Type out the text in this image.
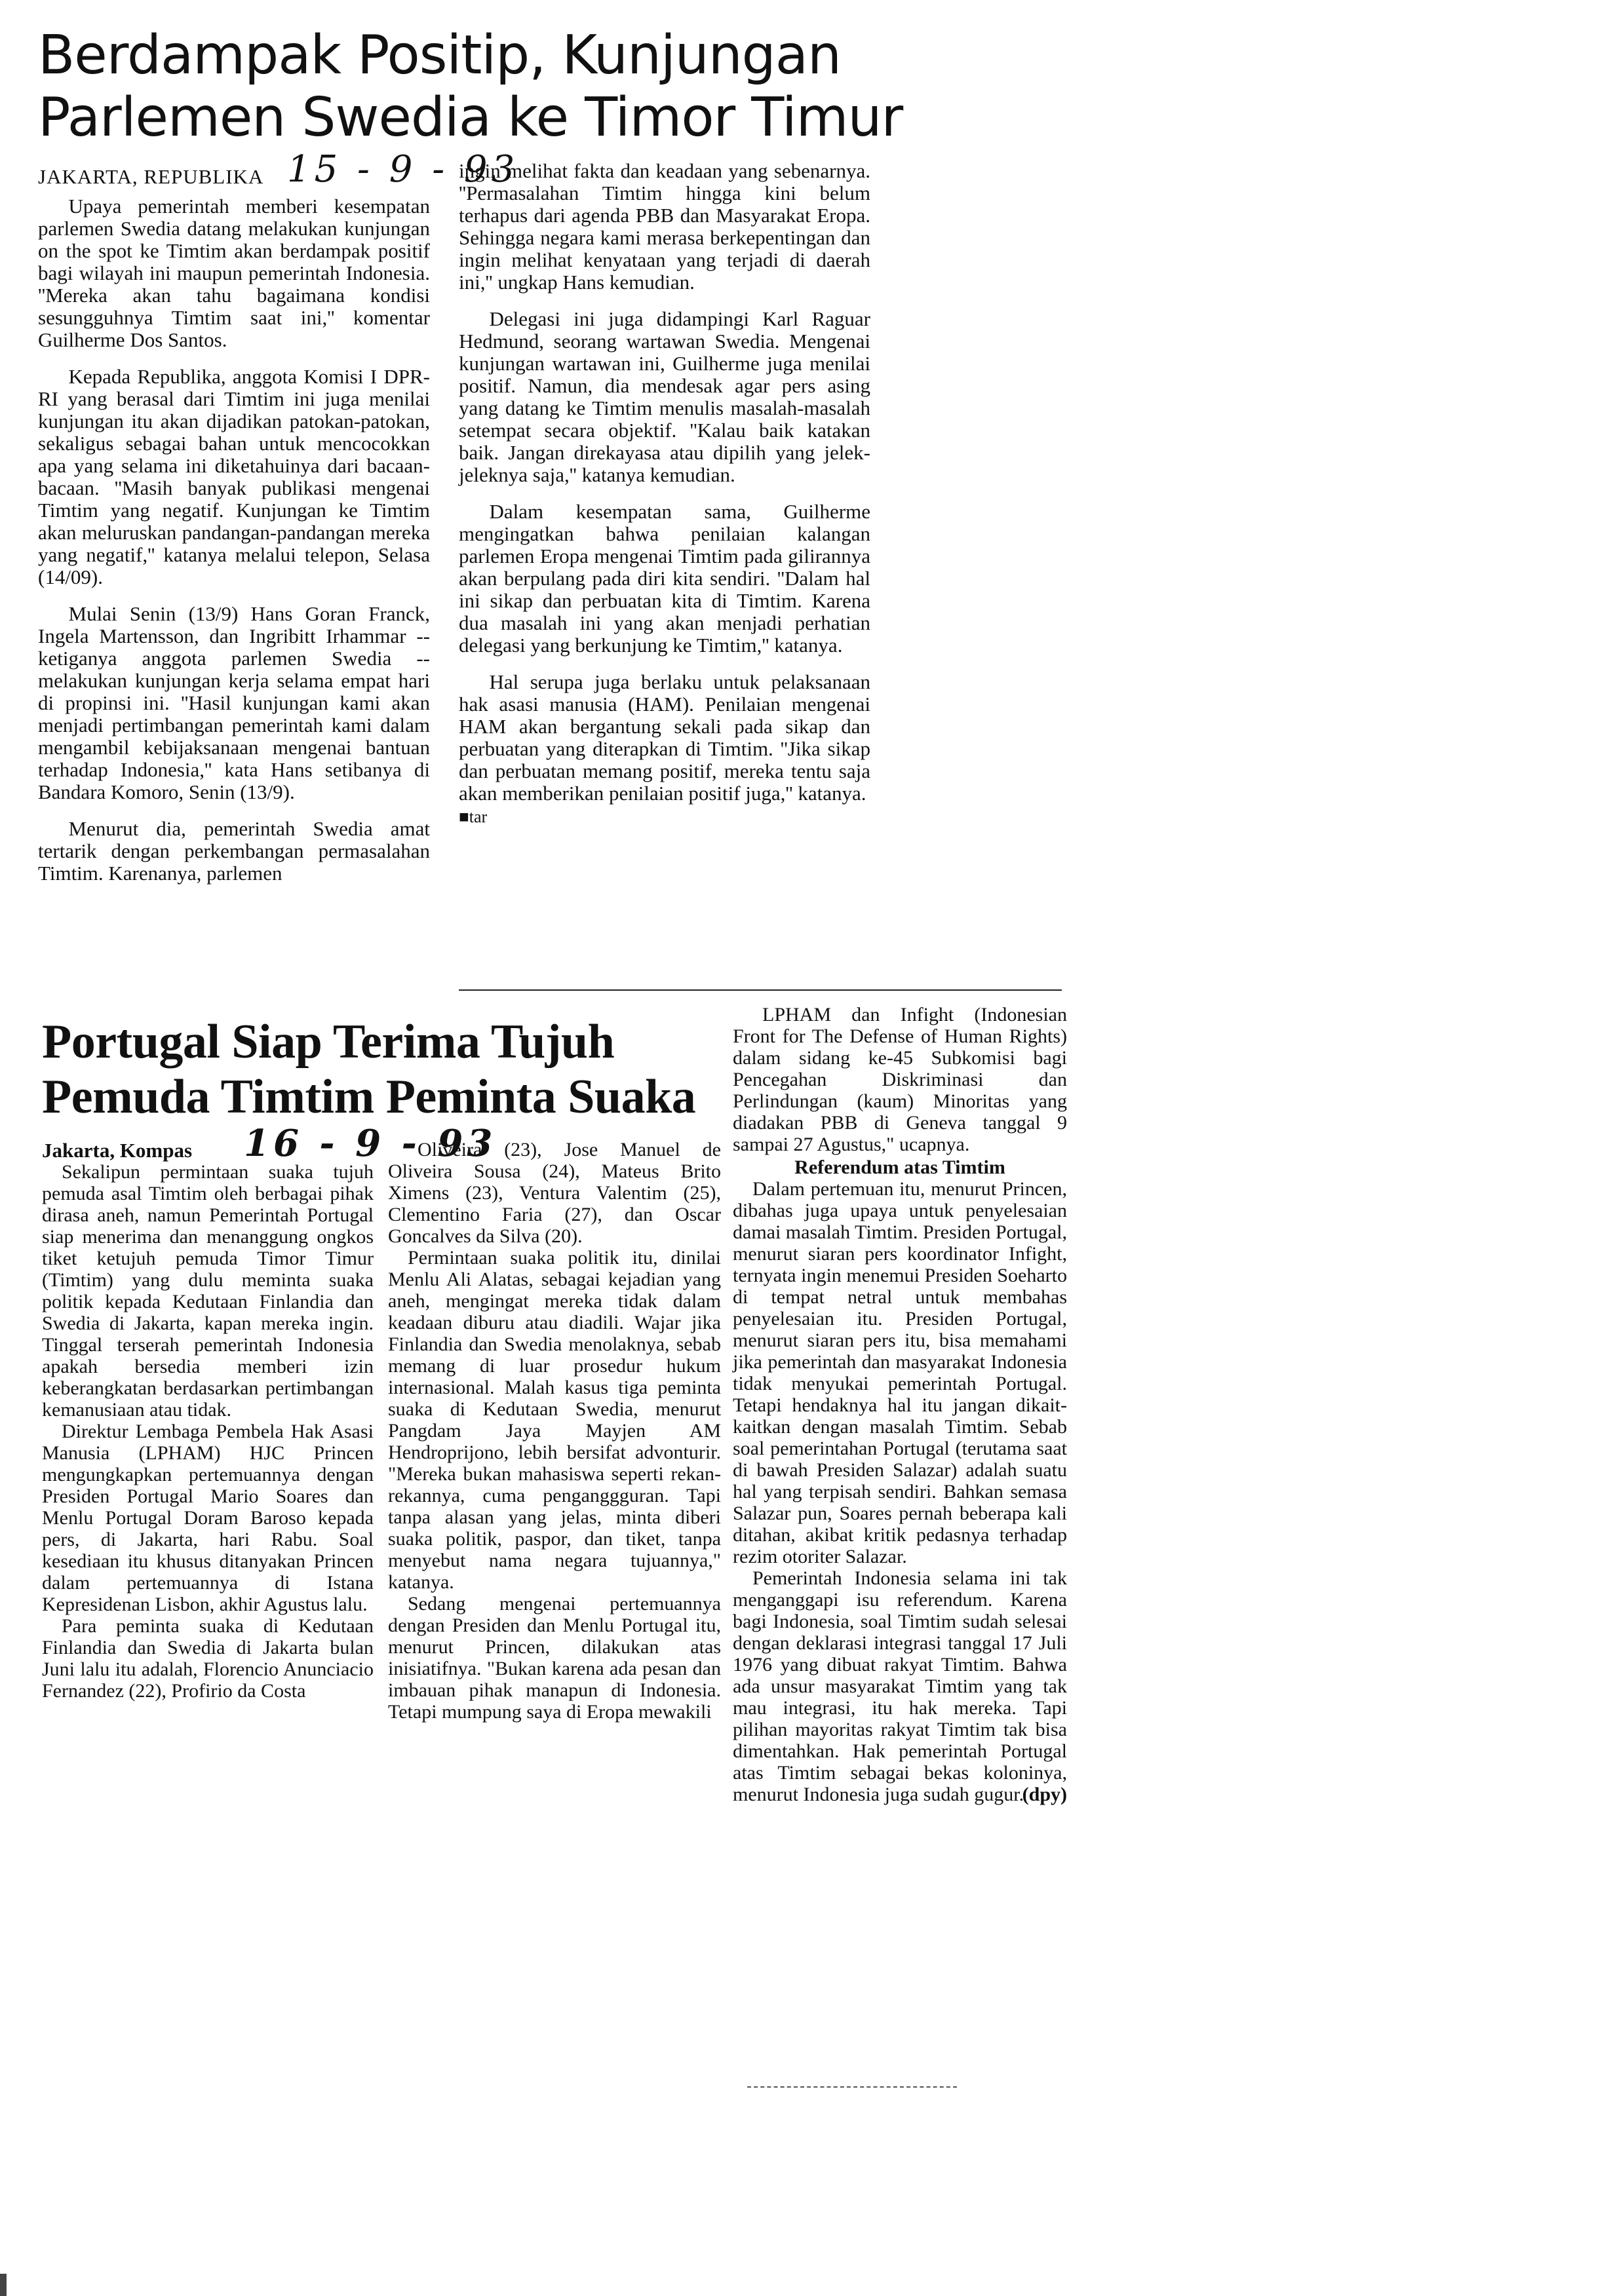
Berdampak Positip, Kunjungan
Parlemen Swedia ke Timor Timur
JAKARTA, REPUBLIKA 15 - 9 - 93

Upaya pemerintah memberi kesempatan parlemen Swedia datang melakukan kunjungan on the spot ke Timtim akan berdampak positif bagi wilayah ini maupun pemerintah Indonesia. ''Mereka akan tahu bagaimana kondisi sesungguhnya Timtim saat ini,'' komentar Guilherme Dos Santos.

Kepada Republika, anggota Komisi I DPR-RI yang berasal dari Timtim ini juga menilai kunjungan itu akan dijadikan patokan-patokan, sekaligus sebagai bahan untuk mencocokkan apa yang selama ini diketahuinya dari bacaan-bacaan. ''Masih banyak publikasi mengenai Timtim yang negatif. Kunjungan ke Timtim akan meluruskan pandangan-pandangan mereka yang negatif,'' katanya melalui telepon, Selasa (14/09).

Mulai Senin (13/9) Hans Goran Franck, Ingela Martensson, dan Ingribitt Irhammar -- ketiganya anggota parlemen Swedia -- melakukan kunjungan kerja selama empat hari di propinsi ini. ''Hasil kunjungan kami akan menjadi pertimbangan pemerintah kami dalam mengambil kebijaksanaan mengenai bantuan terhadap Indonesia,'' kata Hans setibanya di Bandara Komoro, Senin (13/9).

Menurut dia, pemerintah Swedia amat tertarik dengan perkembangan permasalahan Timtim. Karenanya, parlemen

ingin melihat fakta dan keadaan yang sebenarnya. ''Permasalahan Timtim hingga kini belum terhapus dari agenda PBB dan Masyarakat Eropa. Sehingga negara kami merasa berkepentingan dan ingin melihat kenyataan yang terjadi di daerah ini,'' ungkap Hans kemudian.

Delegasi ini juga didampingi Karl Raguar Hedmund, seorang wartawan Swedia. Mengenai kunjungan wartawan ini, Guilherme juga menilai positif. Namun, dia mendesak agar pers asing yang datang ke Timtim menulis masalah-masalah setempat secara objektif. ''Kalau baik katakan baik. Jangan direkayasa atau dipilih yang jelek-jeleknya saja,'' katanya kemudian.

Dalam kesempatan sama, Guilherme mengingatkan bahwa penilaian kalangan parlemen Eropa mengenai Timtim pada gilirannya akan berpulang pada diri kita sendiri. ''Dalam hal ini sikap dan perbuatan kita di Timtim. Karena dua masalah ini yang akan menjadi perhatian delegasi yang berkunjung ke Timtim,'' katanya.

Hal serupa juga berlaku untuk pelaksanaan hak asasi manusia (HAM). Penilaian mengenai HAM akan bergantung sekali pada sikap dan perbuatan yang diterapkan di Timtim. ''Jika sikap dan perbuatan memang positif, mereka tentu saja akan memberikan penilaian positif juga,'' katanya.

■tar
Portugal Siap Terima Tujuh
Pemuda Timtim Peminta Suaka
Jakarta, Kompas 16 - 9 - 93

Sekalipun permintaan suaka tujuh pemuda asal Timtim oleh berbagai pihak dirasa aneh, namun Pemerintah Portugal siap menerima dan menanggung ongkos tiket ketujuh pemuda Timor Timur (Timtim) yang dulu meminta suaka politik kepada Kedutaan Finlandia dan Swedia di Jakarta, kapan mereka ingin. Tinggal terserah pemerintah Indonesia apakah bersedia memberi izin keberangkatan berdasarkan pertimbangan kemanusiaan atau tidak.

Direktur Lembaga Pembela Hak Asasi Manusia (LPHAM) HJC Princen mengungkapkan pertemuannya dengan Presiden Portugal Mario Soares dan Menlu Portugal Doram Baroso kepada pers, di Jakarta, hari Rabu. Soal kesediaan itu khusus ditanyakan Princen dalam pertemuannya di Istana Kepresidenan Lisbon, akhir Agustus lalu.

Para peminta suaka di Kedutaan Finlandia dan Swedia di Jakarta bulan Juni lalu itu adalah, Florencio Anunciacio Fernandez (22), Profirio da Costa

Oliveira (23), Jose Manuel de Oliveira Sousa (24), Mateus Brito Ximens (23), Ventura Valentim (25), Clementino Faria (27), dan Oscar Goncalves da Silva (20).

Permintaan suaka politik itu, dinilai Menlu Ali Alatas, sebagai kejadian yang aneh, mengingat mereka tidak dalam keadaan diburu atau diadili. Wajar jika Finlandia dan Swedia menolaknya, sebab memang di luar prosedur hukum internasional. Malah kasus tiga peminta suaka di Kedutaan Swedia, menurut Pangdam Jaya Mayjen AM Hendroprijono, lebih bersifat advonturir. "Mereka bukan mahasiswa seperti rekan-rekannya, cuma penganggguran. Tapi tanpa alasan yang jelas, minta diberi suaka politik, paspor, dan tiket, tanpa menyebut nama negara tujuannya," katanya.

Sedang mengenai pertemuannya dengan Presiden dan Menlu Portugal itu, menurut Princen, dilakukan atas inisiatifnya. "Bukan karena ada pesan dan imbauan pihak manapun di Indonesia. Tetapi mumpung saya di Eropa mewakili

LPHAM dan Infight (Indonesian Front for The Defense of Human Rights) dalam sidang ke-45 Subkomisi bagi Pencegahan Diskriminasi dan Perlindungan (kaum) Minoritas yang diadakan PBB di Geneva tanggal 9 sampai 27 Agustus," ucapnya.

Referendum atas Timtim

Dalam pertemuan itu, menurut Princen, dibahas juga upaya untuk penyelesaian damai masalah Timtim. Presiden Portugal, menurut siaran pers koordinator Infight, ternyata ingin menemui Presiden Soeharto di tempat netral untuk membahas penyelesaian itu. Presiden Portugal, menurut siaran pers itu, bisa memahami jika pemerintah dan masyarakat Indonesia tidak menyukai pemerintah Portugal. Tetapi hendaknya hal itu jangan dikait-kaitkan dengan masalah Timtim. Sebab soal pemerintahan Portugal (terutama saat di bawah Presiden Salazar) adalah suatu hal yang terpisah sendiri. Bahkan semasa Salazar pun, Soares pernah beberapa kali ditahan, akibat kritik pedasnya terhadap rezim otoriter Salazar.

Pemerintah Indonesia selama ini tak menganggapi isu referendum. Karena bagi Indonesia, soal Timtim sudah selesai dengan deklarasi integrasi tanggal 17 Juli 1976 yang dibuat rakyat Timtim. Bahwa ada unsur masyarakat Timtim yang tak mau integrasi, itu hak mereka. Tapi pilihan mayoritas rakyat Timtim tak bisa dimentahkan. Hak pemerintah Portugal atas Timtim sebagai bekas koloninya, menurut Indonesia juga sudah gugur.

(dpy)
